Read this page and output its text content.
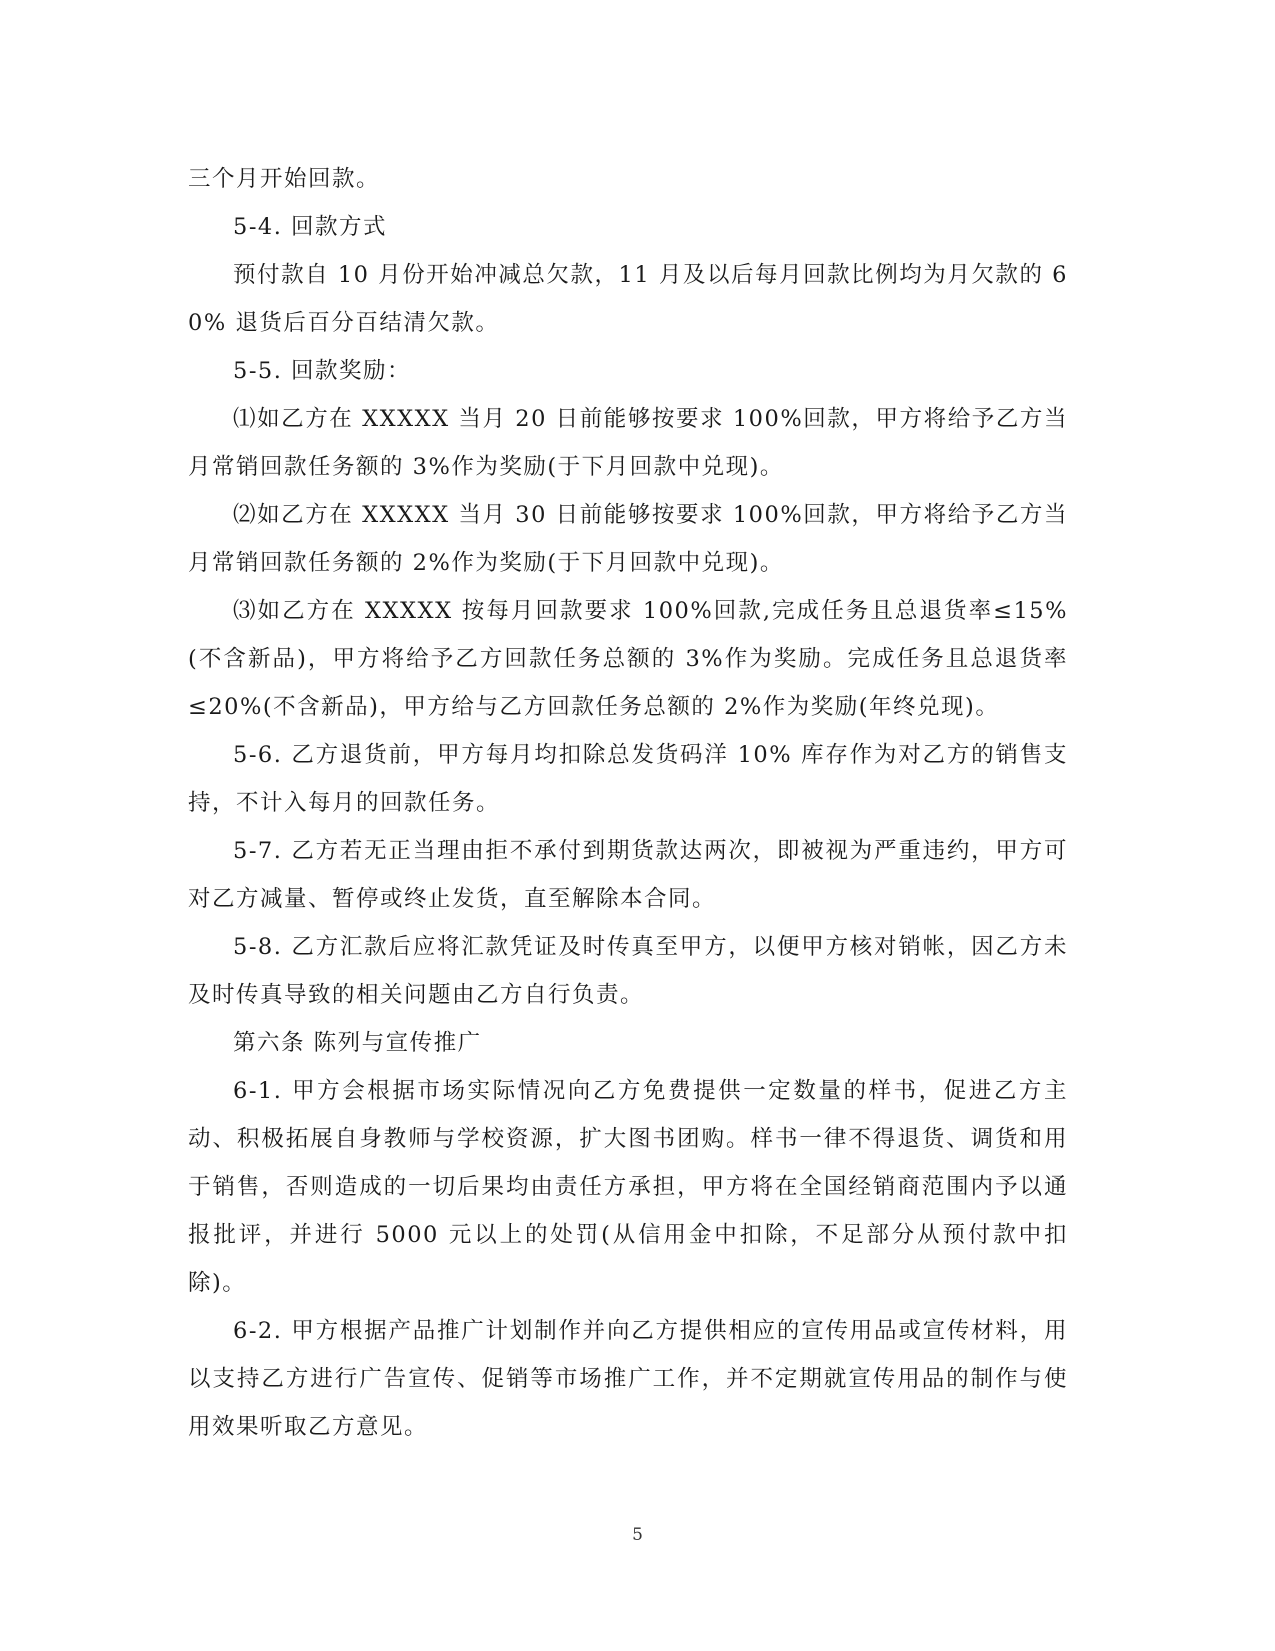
三个月开始回款。

5-4. 回款方式

预付款自 10 月份开始冲减总欠款，11 月及以后每月回款比例均为月欠款的 60% 退货后百分百结清欠款。

5-5. 回款奖励：

⑴如乙方在 XXXXX 当月 20 日前能够按要求 100%回款，甲方将给予乙方当月常销回款任务额的 3%作为奖励(于下月回款中兑现)。

⑵如乙方在 XXXXX 当月 30 日前能够按要求 100%回款，甲方将给予乙方当月常销回款任务额的 2%作为奖励(于下月回款中兑现)。

⑶如乙方在 XXXXX 按每月回款要求 100%回款,完成任务且总退货率≤15%(不含新品)，甲方将给予乙方回款任务总额的 3%作为奖励。完成任务且总退货率≤20%(不含新品)，甲方给与乙方回款任务总额的 2%作为奖励(年终兑现)。

5-6. 乙方退货前，甲方每月均扣除总发货码洋 10% 库存作为对乙方的销售支持，不计入每月的回款任务。

5-7. 乙方若无正当理由拒不承付到期货款达两次，即被视为严重违约，甲方可对乙方减量、暂停或终止发货，直至解除本合同。

5-8. 乙方汇款后应将汇款凭证及时传真至甲方，以便甲方核对销帐，因乙方未及时传真导致的相关问题由乙方自行负责。

第六条 陈列与宣传推广

6-1. 甲方会根据市场实际情况向乙方免费提供一定数量的样书，促进乙方主动、积极拓展自身教师与学校资源，扩大图书团购。样书一律不得退货、调货和用于销售，否则造成的一切后果均由责任方承担，甲方将在全国经销商范围内予以通报批评，并进行 5000 元以上的处罚(从信用金中扣除，不足部分从预付款中扣除)。

6-2. 甲方根据产品推广计划制作并向乙方提供相应的宣传用品或宣传材料，用以支持乙方进行广告宣传、促销等市场推广工作，并不定期就宣传用品的制作与使用效果听取乙方意见。

5
